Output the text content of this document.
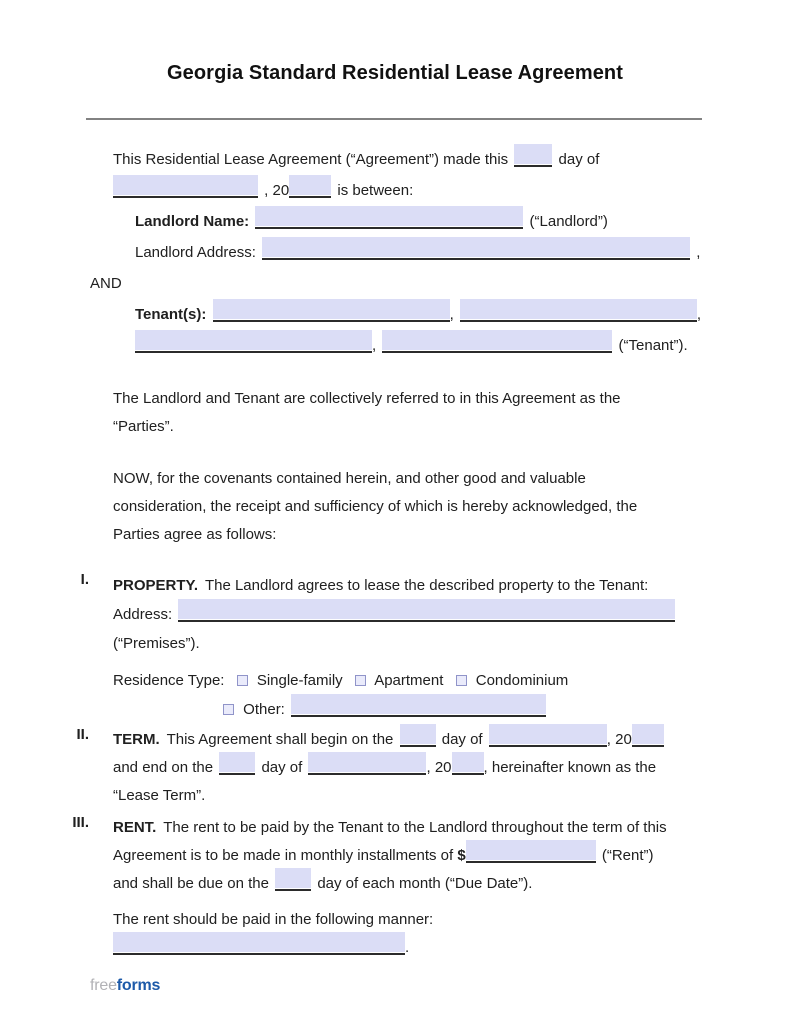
Georgia Standard Residential Lease Agreement
This Residential Lease Agreement (“Agreement”) made this	day of
, 20	is between:
Landlord Name:	(“Landlord”)
Landlord Address:	,
AND
Tenant(s):	,	,
,	(“Tenant”).
The Landlord and Tenant are collectively referred to in this Agreement as the
“Parties”.
NOW, for the covenants contained herein, and other good and valuable
consideration, the receipt and sufficiency of which is hereby acknowledged, the
Parties agree as follows:
I. PROPERTY. The Landlord agrees to lease the described property to the Tenant:
Address:
(“Premises”).
Residence Type: Single-family Apartment Condominium
Other:
II. TERM. This Agreement shall begin on the	day of	, 20
and end on the	day of	, 20 , hereinafter known as the
“Lease Term”.
III. RENT. The rent to be paid by the Tenant to the Landlord throughout the term of this
Agreement is to be made in monthly installments of $	(“Rent”)
and shall be due on the	day of each month (“Due Date”).
The rent should be paid in the following manner:
.
freeforms
